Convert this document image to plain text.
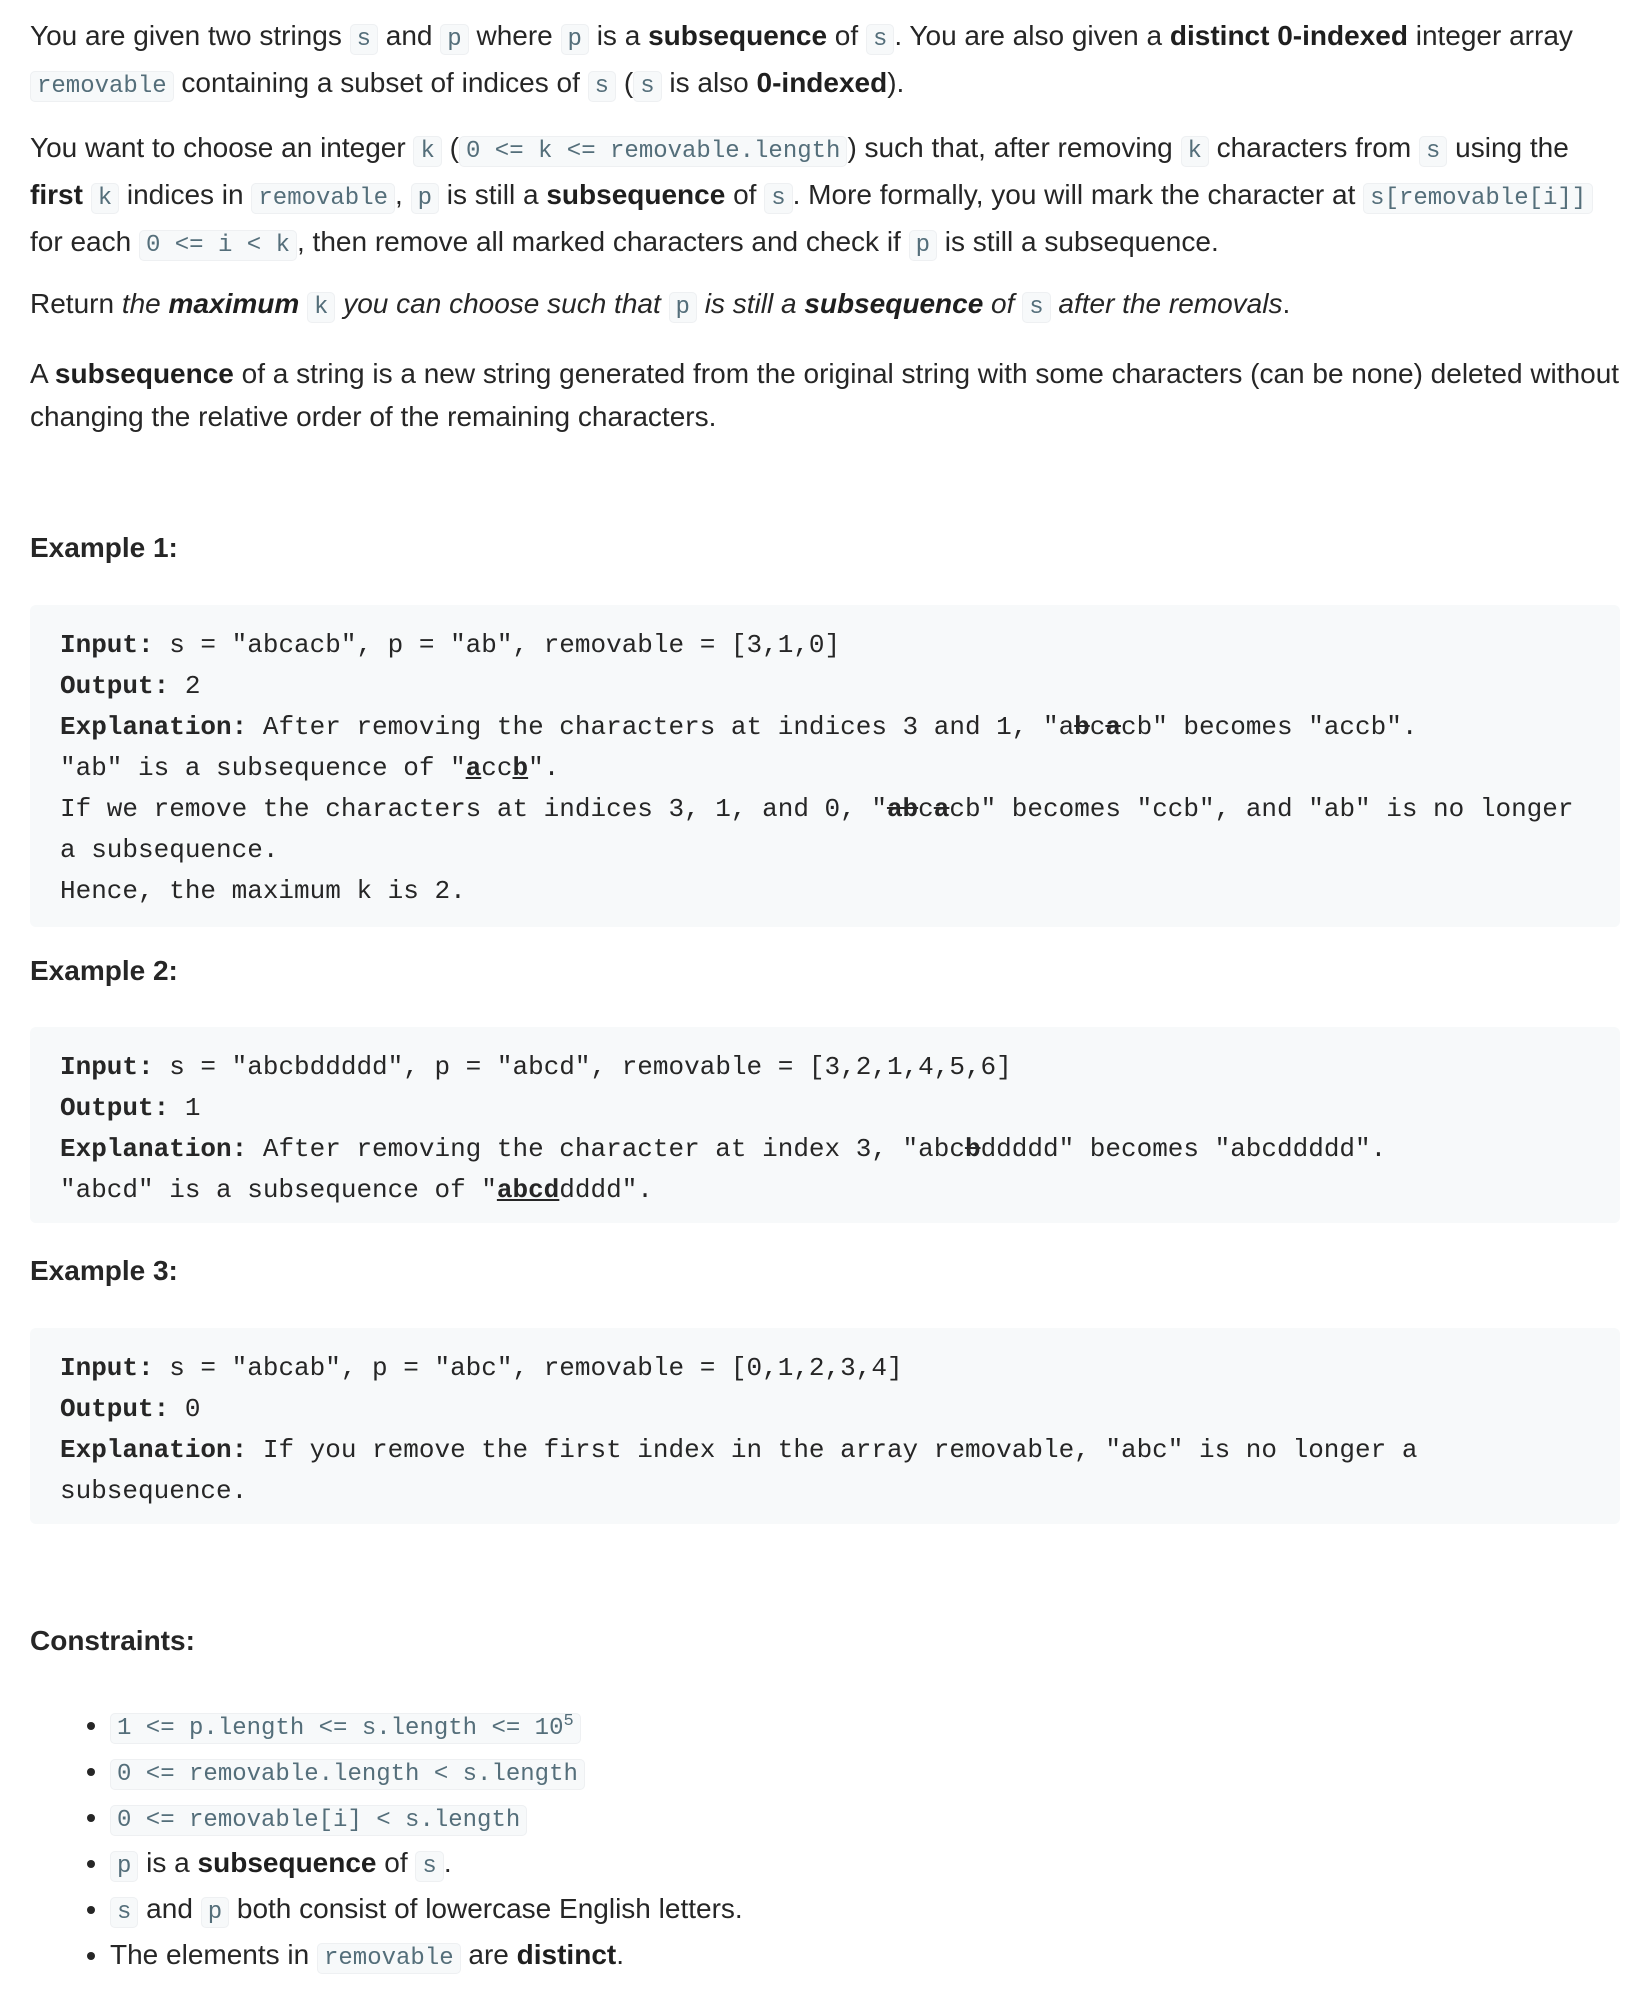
You are given two strings s and p where p is a subsequence of s . You are also given a distinct 0-indexed integer array removable containing a subset of indices of s ( s is also 0-indexed).

You want to choose an integer k ( 0 <= k <= removable.length ) such that, after removing k characters from s using the first k indices in removable , p is still a subsequence of s . More formally, you will mark the character at s[removable[i]] for each 0 <= i < k , then remove all marked characters and check if p is still a subsequence.

Return the maximum k you can choose such that p is still a subsequence of s after the removals.

A subsequence of a string is a new string generated from the original string with some characters (can be none) deleted without changing the relative order of the remaining characters.

Example 1:
Input: s = "abcacb", p = "ab", removable = [3,1,0]
Output: 2
Explanation: After removing the characters at indices 3 and 1, "abcacb" becomes "accb".
"ab" is a subsequence of "accb".
If we remove the characters at indices 3, 1, and 0, "abcacb" becomes "ccb", and "ab" is no longer a subsequence.
Hence, the maximum k is 2.
Example 2:
Input: s = "abcbddddd", p = "abcd", removable = [3,2,1,4,5,6]
Output: 1
Explanation: After removing the character at index 3, "abcbddddd" becomes "abcddddd".
"abcd" is a subsequence of "abcddddd".
Example 3:
Input: s = "abcab", p = "abc", removable = [0,1,2,3,4]
Output: 0
Explanation: If you remove the first index in the array removable, "abc" is no longer a subsequence.
Constraints:
• 1 <= p.length <= s.length <= $10^5$
• 0 <= removable.length < s.length
• 0 <= removable[i] < s.length
• p is a subsequence of s .
• s and p both consist of lowercase English letters.
• The elements in removable are distinct.
